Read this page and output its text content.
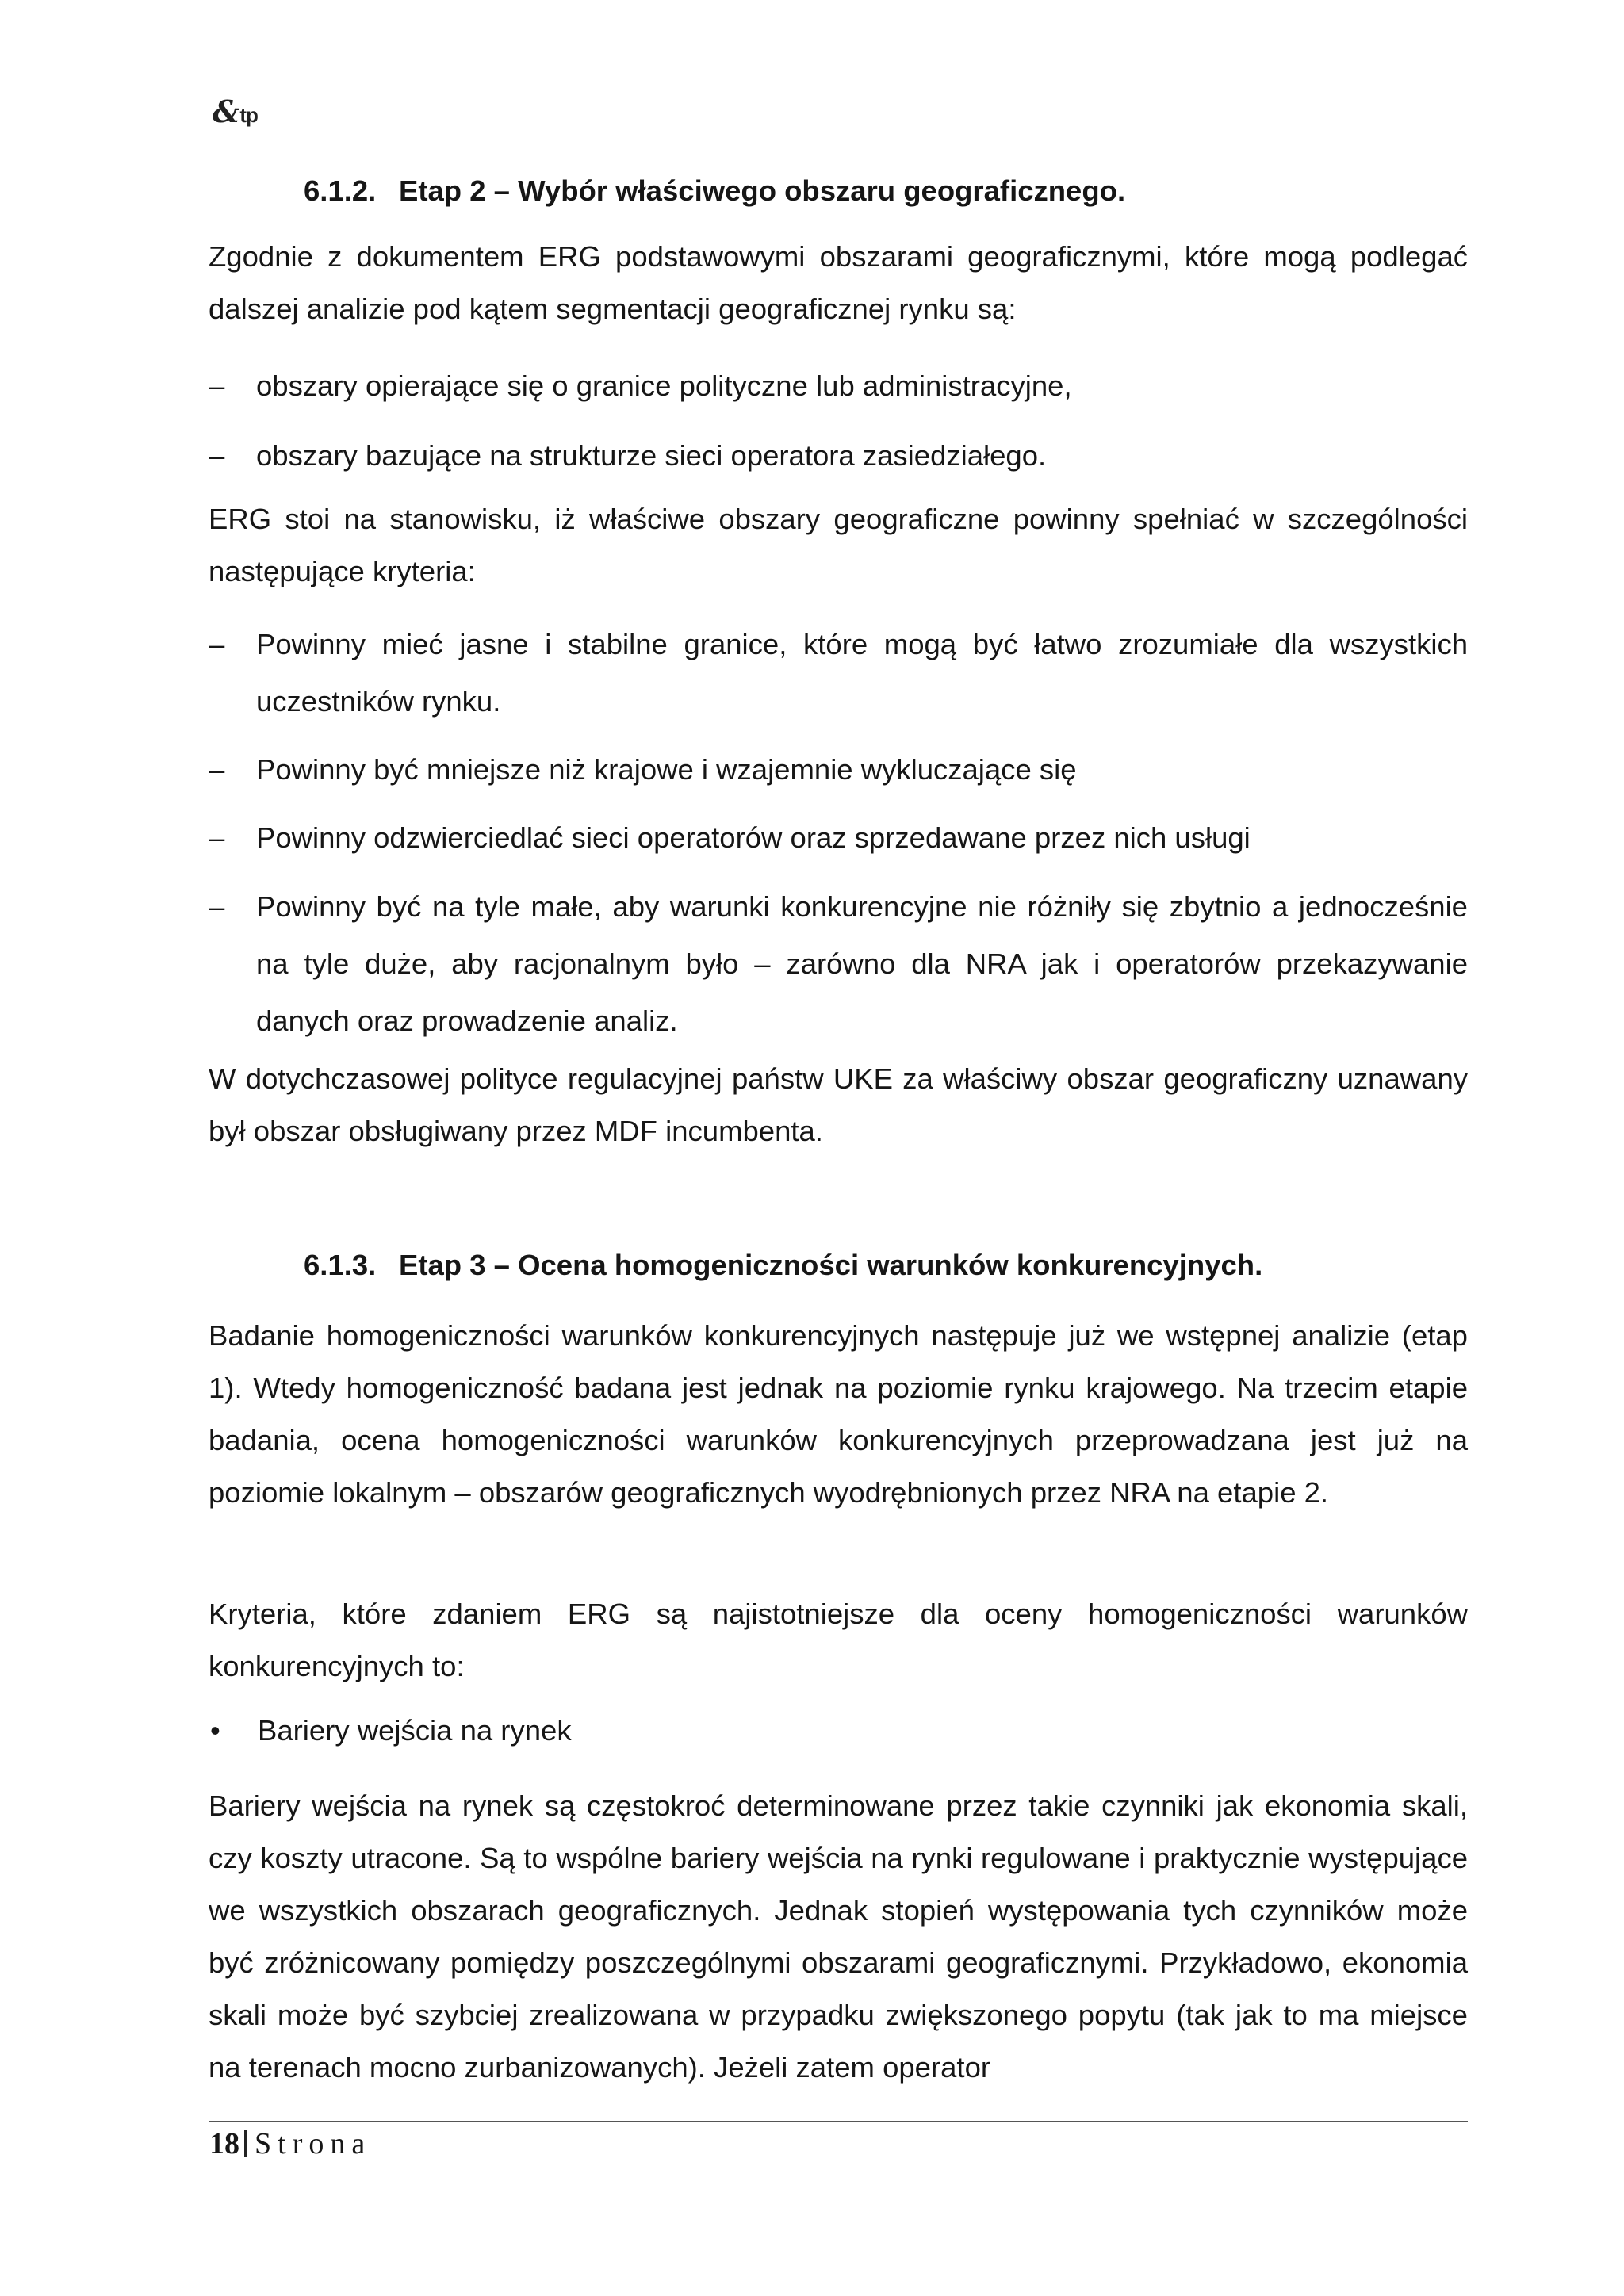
&tp
6.1.2. Etap 2 – Wybór właściwego obszaru geograficznego.

Zgodnie z dokumentem ERG podstawowymi obszarami geograficznymi, które mogą podlegać dalszej analizie pod kątem segmentacji geograficznej rynku są:

–	obszary opierające się o granice polityczne lub administracyjne,
–	obszary bazujące na strukturze sieci operatora zasiedziałego.

ERG stoi na stanowisku, iż właściwe obszary geograficzne powinny spełniać w szczególności następujące kryteria:

–	Powinny mieć jasne i stabilne granice, które mogą być łatwo zrozumiałe dla wszystkich uczestników rynku.
–	Powinny być mniejsze niż krajowe i wzajemnie wykluczające się
–	Powinny odzwierciedlać sieci operatorów oraz sprzedawane przez nich usługi
–	Powinny być na tyle małe, aby warunki konkurencyjne nie różniły się zbytnio a jednocześnie na tyle duże, aby racjonalnym było – zarówno dla NRA jak i operatorów przekazywanie danych oraz prowadzenie analiz.

W dotychczasowej polityce regulacyjnej państw UKE za właściwy obszar geograficzny uznawany był obszar obsługiwany przez MDF incumbenta.

6.1.3. Etap 3 – Ocena homogeniczności warunków konkurencyjnych.

Badanie homogeniczności warunków konkurencyjnych następuje już we wstępnej analizie (etap 1). Wtedy homogeniczność badana jest jednak na poziomie rynku krajowego. Na trzecim etapie badania, ocena homogeniczności warunków konkurencyjnych przeprowadzana jest już na poziomie lokalnym – obszarów geograficznych wyodrębnionych przez NRA na etapie 2.

Kryteria, które zdaniem ERG są najistotniejsze dla oceny homogeniczności warunków konkurencyjnych to:

• Bariery wejścia na rynek

Bariery wejścia na rynek są częstokroć determinowane przez takie czynniki jak ekonomia skali, czy koszty utracone. Są to wspólne bariery wejścia na rynki regulowane i praktycznie występujące we wszystkich obszarach geograficznych. Jednak stopień występowania tych czynników może być zróżnicowany pomiędzy poszczególnymi obszarami geograficznymi. Przykładowo, ekonomia skali może być szybciej zrealizowana w przypadku zwiększonego popytu (tak jak to ma miejsce na terenach mocno zurbanizowanych). Jeżeli zatem operator

18 Strona
